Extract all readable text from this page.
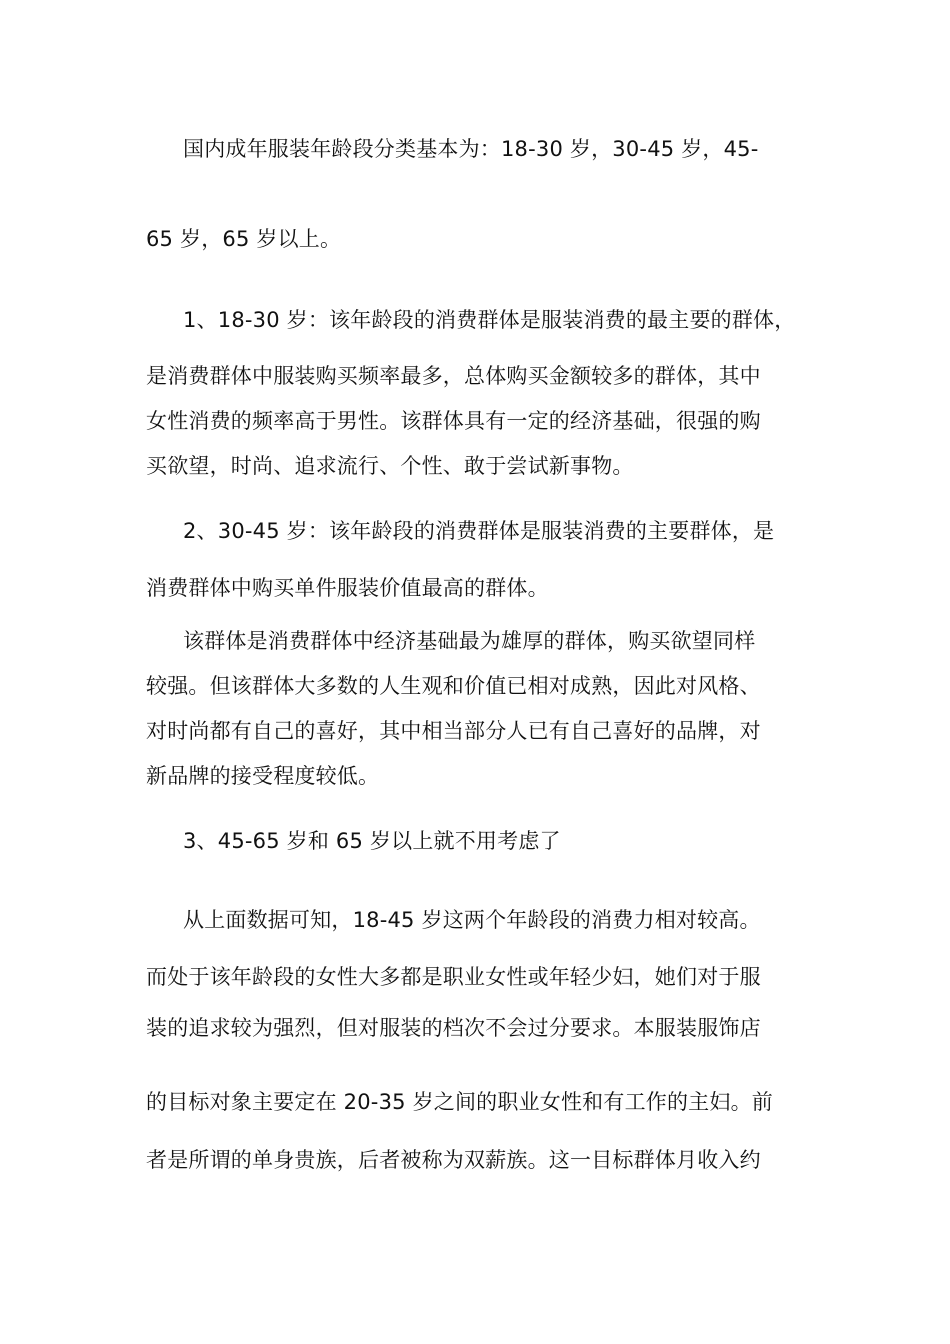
国内成年服装年龄段分类基本为：18-30 岁，30-45 岁，45-
65 岁，65 岁以上。
1、18-30 岁：该年龄段的消费群体是服装消费的最主要的群体，
是消费群体中服装购买频率最多，总体购买金额较多的群体，其中
女性消费的频率高于男性。该群体具有一定的经济基础，很强的购
买欲望，时尚、追求流行、个性、敢于尝试新事物。
2、30-45 岁：该年龄段的消费群体是服装消费的主要群体，是
消费群体中购买单件服装价值最高的群体。
该群体是消费群体中经济基础最为雄厚的群体，购买欲望同样
较强。但该群体大多数的人生观和价值已相对成熟，因此对风格、
对时尚都有自己的喜好，其中相当部分人已有自己喜好的品牌，对
新品牌的接受程度较低。
3、45-65 岁和 65 岁以上就不用考虑了
从上面数据可知，18-45 岁这两个年龄段的消费力相对较高。
而处于该年龄段的女性大多都是职业女性或年轻少妇，她们对于服
装的追求较为强烈，但对服装的档次不会过分要求。本服装服饰店
的目标对象主要定在 20-35 岁之间的职业女性和有工作的主妇。前
者是所谓的单身贵族，后者被称为双薪族。这一目标群体月收入约
